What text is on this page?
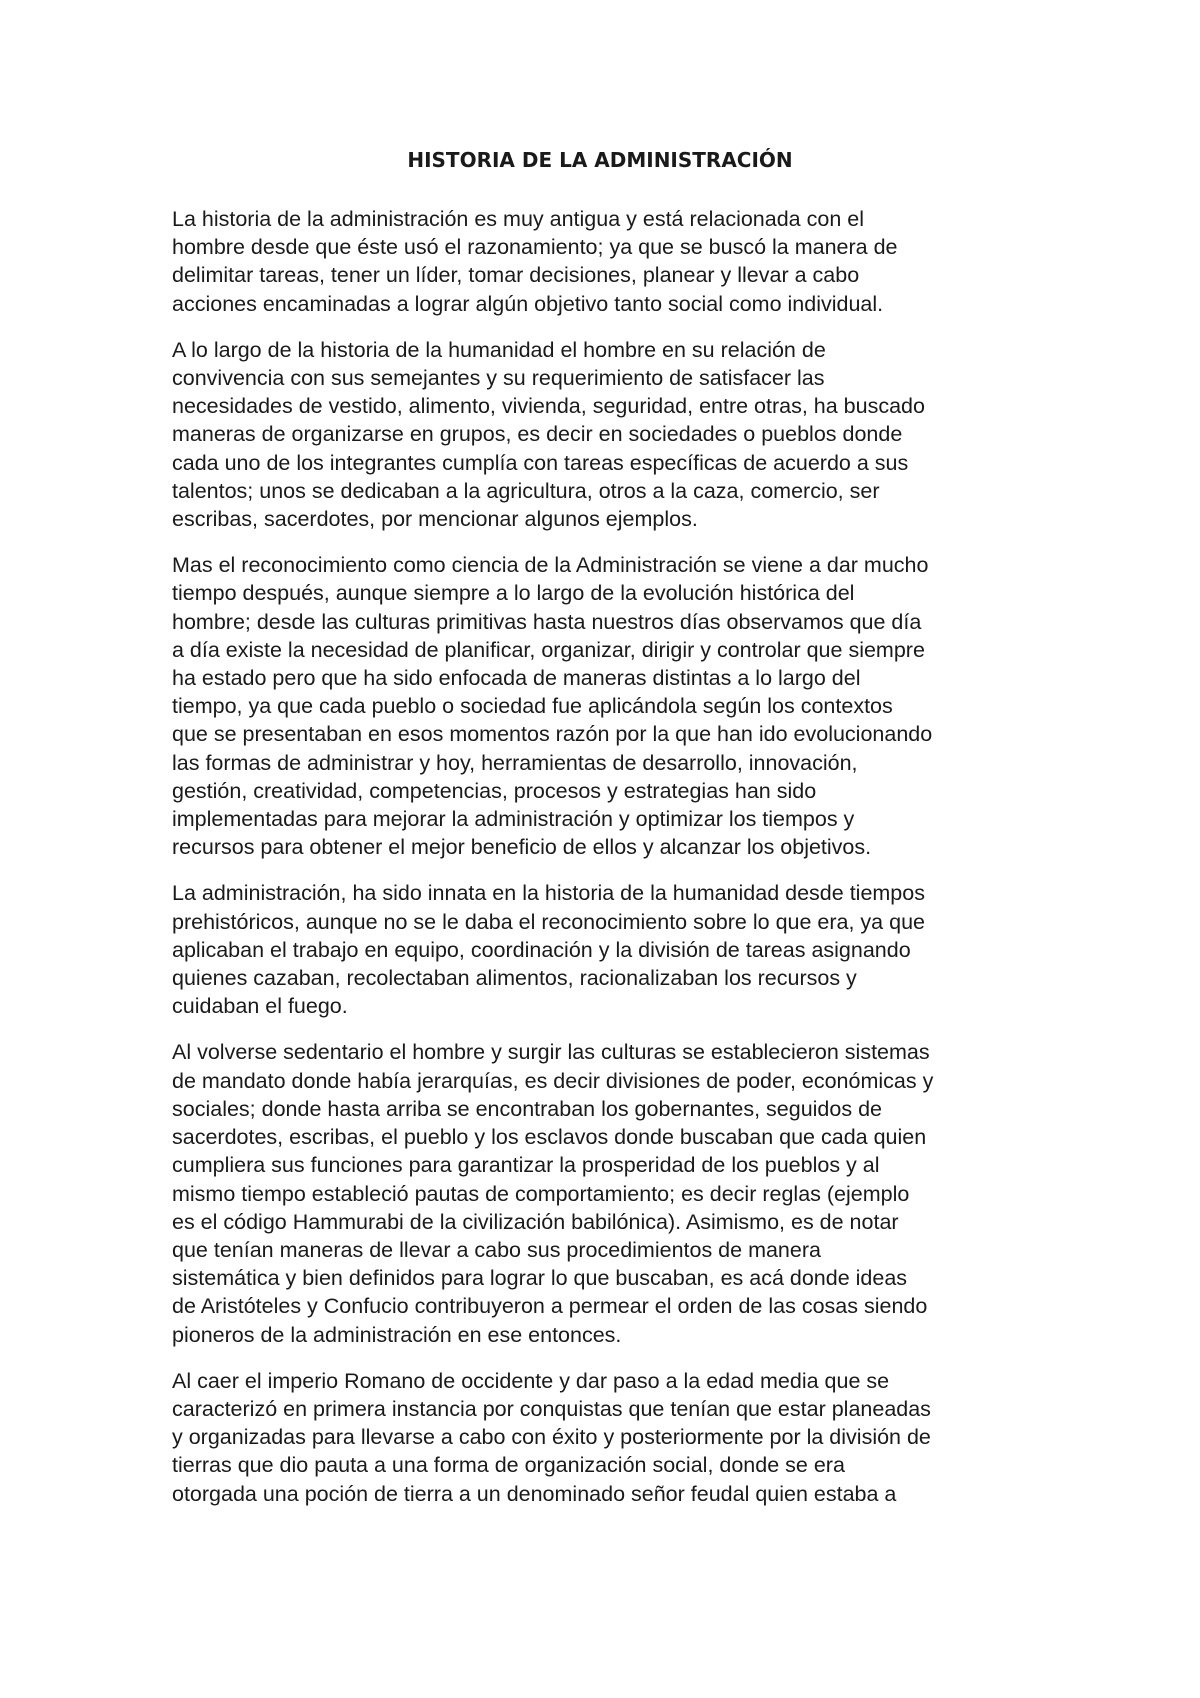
HISTORIA DE LA ADMINISTRACIÓN
La historia de la administración es muy antigua y está relacionada con el
hombre desde que éste usó el razonamiento; ya que se buscó la manera de
delimitar tareas, tener un líder, tomar decisiones, planear y llevar a cabo
acciones encaminadas a lograr algún objetivo tanto social como individual.
A lo largo de la historia de la humanidad el hombre en su relación de
convivencia con sus semejantes y su requerimiento de satisfacer las
necesidades de vestido, alimento, vivienda, seguridad, entre otras, ha buscado
maneras de organizarse en grupos, es decir en sociedades o pueblos donde
cada uno de los integrantes cumplía con tareas específicas de acuerdo a sus
talentos; unos se dedicaban a la agricultura, otros a la caza, comercio, ser
escribas, sacerdotes, por mencionar algunos ejemplos.
Mas el reconocimiento como ciencia de la Administración se viene a dar mucho
tiempo después, aunque siempre a lo largo de la evolución histórica del
hombre; desde las culturas primitivas hasta nuestros días observamos que día
a día existe la necesidad de planificar, organizar, dirigir y controlar que siempre
ha estado pero que ha sido enfocada de maneras distintas a lo largo del
tiempo, ya que cada pueblo o sociedad fue aplicándola según los contextos
que se presentaban en esos momentos razón por la que han ido evolucionando
las formas de administrar y hoy, herramientas de desarrollo, innovación,
gestión, creatividad, competencias, procesos y estrategias han sido
implementadas para mejorar la administración y optimizar los tiempos y
recursos para obtener el mejor beneficio de ellos y alcanzar los objetivos.
La administración, ha sido innata en la historia de la humanidad desde tiempos
prehistóricos, aunque no se le daba el reconocimiento sobre lo que era, ya que
aplicaban el trabajo en equipo, coordinación y la división de tareas asignando
quienes cazaban, recolectaban alimentos, racionalizaban los recursos y
cuidaban el fuego.
Al volverse sedentario el hombre y surgir las culturas se establecieron sistemas
de mandato donde había jerarquías, es decir divisiones de poder, económicas y
sociales; donde hasta arriba se encontraban los gobernantes, seguidos de
sacerdotes, escribas, el pueblo y los esclavos donde buscaban que cada quien
cumpliera sus funciones para garantizar la prosperidad de los pueblos y al
mismo tiempo estableció pautas de comportamiento; es decir reglas (ejemplo
es el código Hammurabi de la civilización babilónica). Asimismo, es de notar
que tenían maneras de llevar a cabo sus procedimientos de manera
sistemática y bien definidos para lograr lo que buscaban, es acá donde ideas
de Aristóteles y Confucio contribuyeron a permear el orden de las cosas siendo
pioneros de la administración en ese entonces.
Al caer el imperio Romano de occidente y dar paso a la edad media que se
caracterizó en primera instancia por conquistas que tenían que estar planeadas
y organizadas para llevarse a cabo con éxito y posteriormente por la división de
tierras que dio pauta a una forma de organización social, donde se era
otorgada una poción de tierra a un denominado señor feudal quien estaba a
